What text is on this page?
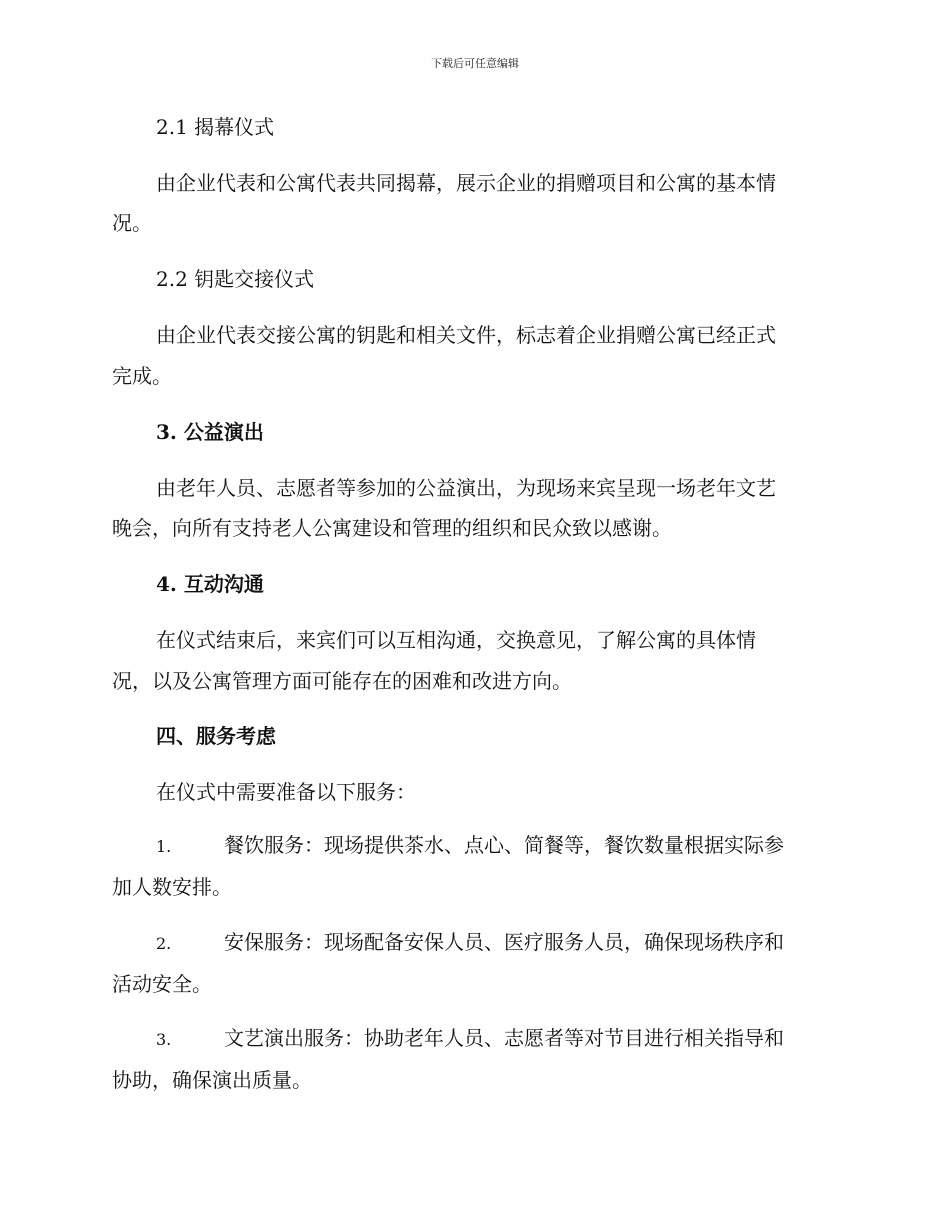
下载后可任意编辑
2.1 揭幕仪式
由企业代表和公寓代表共同揭幕，展示企业的捐赠项目和公寓的基本情
况。
2.2 钥匙交接仪式
由企业代表交接公寓的钥匙和相关文件，标志着企业捐赠公寓已经正式
完成。
3. 公益演出
由老年人员、志愿者等参加的公益演出，为现场来宾呈现一场老年文艺
晚会，向所有支持老人公寓建设和管理的组织和民众致以感谢。
4. 互动沟通
在仪式结束后，来宾们可以互相沟通，交换意见，了解公寓的具体情
况，以及公寓管理方面可能存在的困难和改进方向。
四、服务考虑
在仪式中需要准备以下服务：
1.	餐饮服务：现场提供茶水、点心、简餐等，餐饮数量根据实际参
加人数安排。
2.	安保服务：现场配备安保人员、医疗服务人员，确保现场秩序和
活动安全。
3.	文艺演出服务：协助老年人员、志愿者等对节目进行相关指导和
协助，确保演出质量。
